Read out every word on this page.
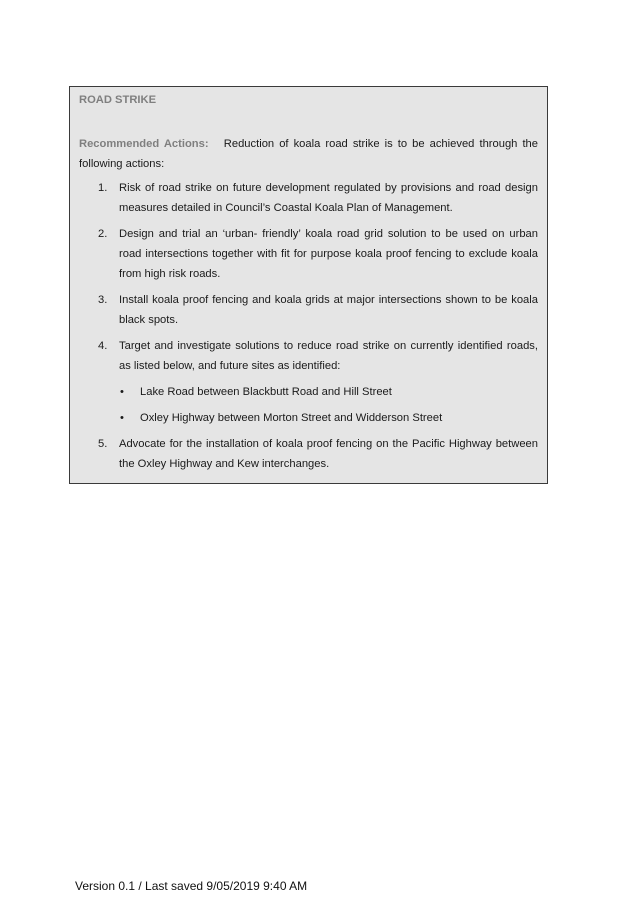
ROAD STRIKE

Recommended Actions: Reduction of koala road strike is to be achieved through the following actions:
1. Risk of road strike on future development regulated by provisions and road design measures detailed in Council’s Coastal Koala Plan of Management.
2. Design and trial an ‘urban- friendly’ koala road grid solution to be used on urban road intersections together with fit for purpose koala proof fencing to exclude koala from high risk roads.
3. Install koala proof fencing and koala grids at major intersections shown to be koala black spots.
4. Target and investigate solutions to reduce road strike on currently identified roads, as listed below, and future sites as identified:
• Lake Road between Blackbutt Road and Hill Street
• Oxley Highway between Morton Street and Widderson Street
5. Advocate for the installation of koala proof fencing on the Pacific Highway between the Oxley Highway and Kew interchanges.
Version 0.1 / Last saved 9/05/2019 9:40 AM
